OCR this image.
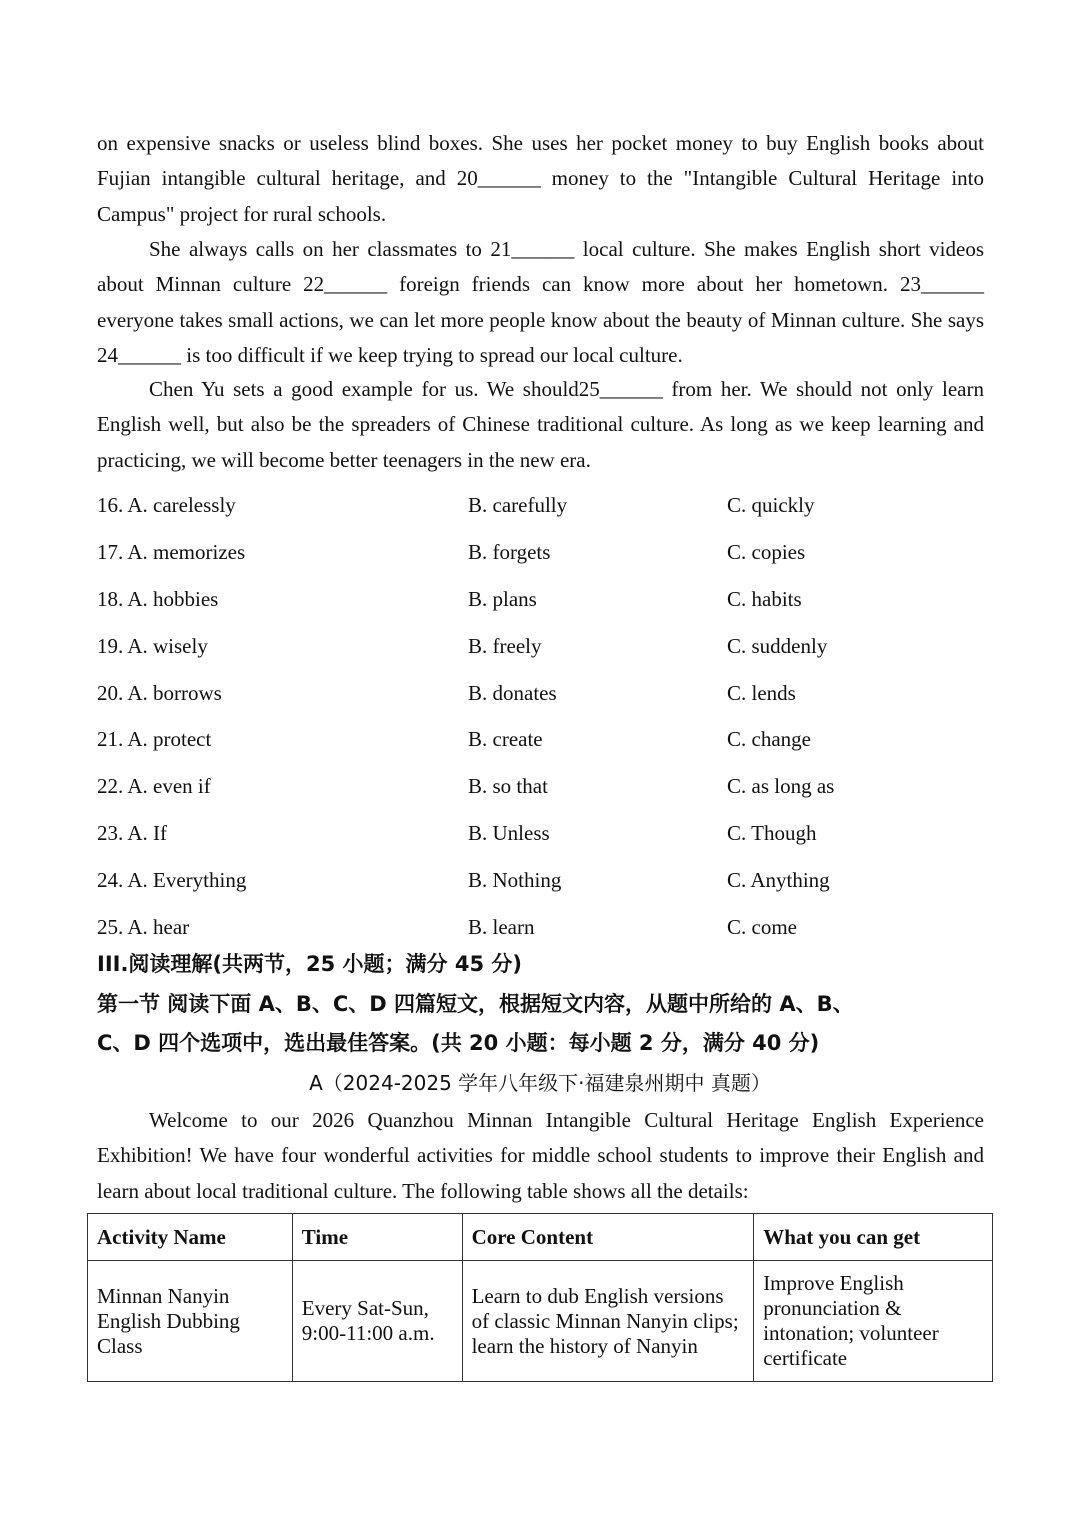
on expensive snacks or useless blind boxes. She uses her pocket money to buy English books about Fujian intangible cultural heritage, and 20______ money to the "Intangible Cultural Heritage into Campus" project for rural schools.

She always calls on her classmates to 21______ local culture. She makes English short videos about Minnan culture 22______ foreign friends can know more about her hometown. 23______ everyone takes small actions, we can let more people know about the beauty of Minnan culture. She says 24______ is too difficult if we keep trying to spread our local culture.

Chen Yu sets a good example for us. We should25______ from her. We should not only learn English well, but also be the spreaders of Chinese traditional culture. As long as we keep learning and practicing, we will become better teenagers in the new era.

16. A. carelessly	B. carefully	C. quickly
17. A. memorizes	B. forgets	C. copies
18. A. hobbies	B. plans	C. habits
19. A. wisely	B. freely	C. suddenly
20. A. borrows	B. donates	C. lends
21. A. protect	B. create	C. change
22. A. even if	B. so that	C. as long as
23. A. If	B. Unless	C. Though
24. A. Everything	B. Nothing	C. Anything
25. A. hear	B. learn	C. come
III.阅读理解(共两节，25 小题；满分 45 分)
第一节 阅读下面 A、B、C、D 四篇短文，根据短文内容，从题中所给的 A、B、
C、D 四个选项中，选出最佳答案。(共 20 小题：每小题 2 分，满分 40 分)
A（2024-2025 学年八年级下·福建泉州期中 真题）

Welcome to our 2026 Quanzhou Minnan Intangible Cultural Heritage English Experience Exhibition! We have four wonderful activities for middle school students to improve their English and learn about local traditional culture. The following table shows all the details:

Activity Name	Time	Core Content	What you can get
Minnan Nanyin English Dubbing Class	Every Sat-Sun, 9:00-11:00 a.m.	Learn to dub English versions of classic Minnan Nanyin clips; learn the history of Nanyin	Improve English pronunciation & intonation; volunteer certificate
